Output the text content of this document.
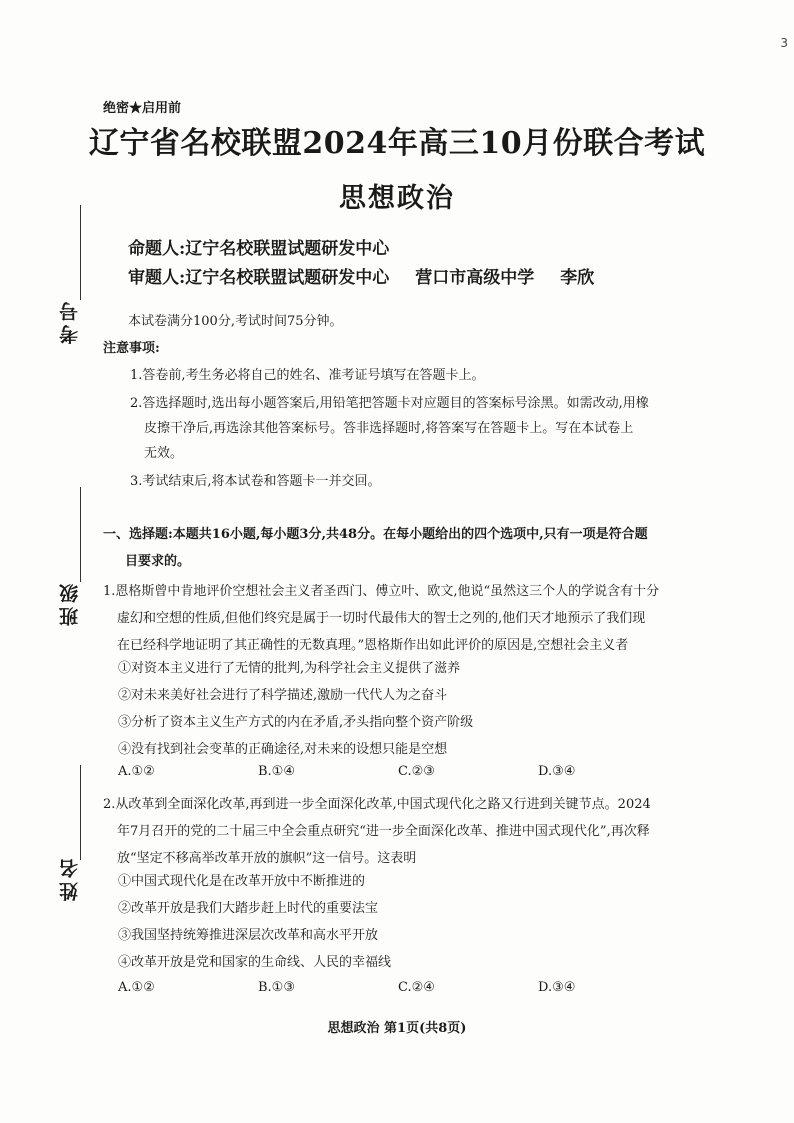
3
绝密★启用前
辽宁省名校联盟2024年高三10月份联合考试
思想政治
命题人:辽宁名校联盟试题研发中心
审题人:辽宁名校联盟试题研发中心 营口市高级中学 李欣
考号
班级
姓名
本试卷满分100分,考试时间75分钟。
注意事项:
1.答卷前,考生务必将自己的姓名、准考证号填写在答题卡上。
2.答选择题时,选出每小题答案后,用铅笔把答题卡对应题目的答案标号涂黑。如需改动,用橡
皮擦干净后,再选涂其他答案标号。答非选择题时,将答案写在答题卡上。写在本试卷上
无效。
3.考试结束后,将本试卷和答题卡一并交回。
一、选择题:本题共16小题,每小题3分,共48分。在每小题给出的四个选项中,只有一项是符合题
目要求的。
1.恩格斯曾中肯地评价空想社会主义者圣西门、傅立叶、欧文,他说“虽然这三个人的学说含有十分
虚幻和空想的性质,但他们终究是属于一切时代最伟大的智士之列的,他们天才地预示了我们现
在已经科学地证明了其正确性的无数真理。”恩格斯作出如此评价的原因是,空想社会主义者
①对资本主义进行了无情的批判,为科学社会主义提供了滋养
②对未来美好社会进行了科学描述,激励一代代人为之奋斗
③分析了资本主义生产方式的内在矛盾,矛头指向整个资产阶级
④没有找到社会变革的正确途径,对未来的设想只能是空想
A.①②	B.①④	C.②③	D.③④
2.从改革到全面深化改革,再到进一步全面深化改革,中国式现代化之路又行进到关键节点。2024
年7月召开的党的二十届三中全会重点研究“进一步全面深化改革、推进中国式现代化”,再次释
放“坚定不移高举改革开放的旗帜”这一信号。这表明
①中国式现代化是在改革开放中不断推进的
②改革开放是我们大踏步赶上时代的重要法宝
③我国坚持统筹推进深层次改革和高水平开放
④改革开放是党和国家的生命线、人民的幸福线
A.①②	B.①③	C.②④	D.③④
思想政治 第1页(共8页)
